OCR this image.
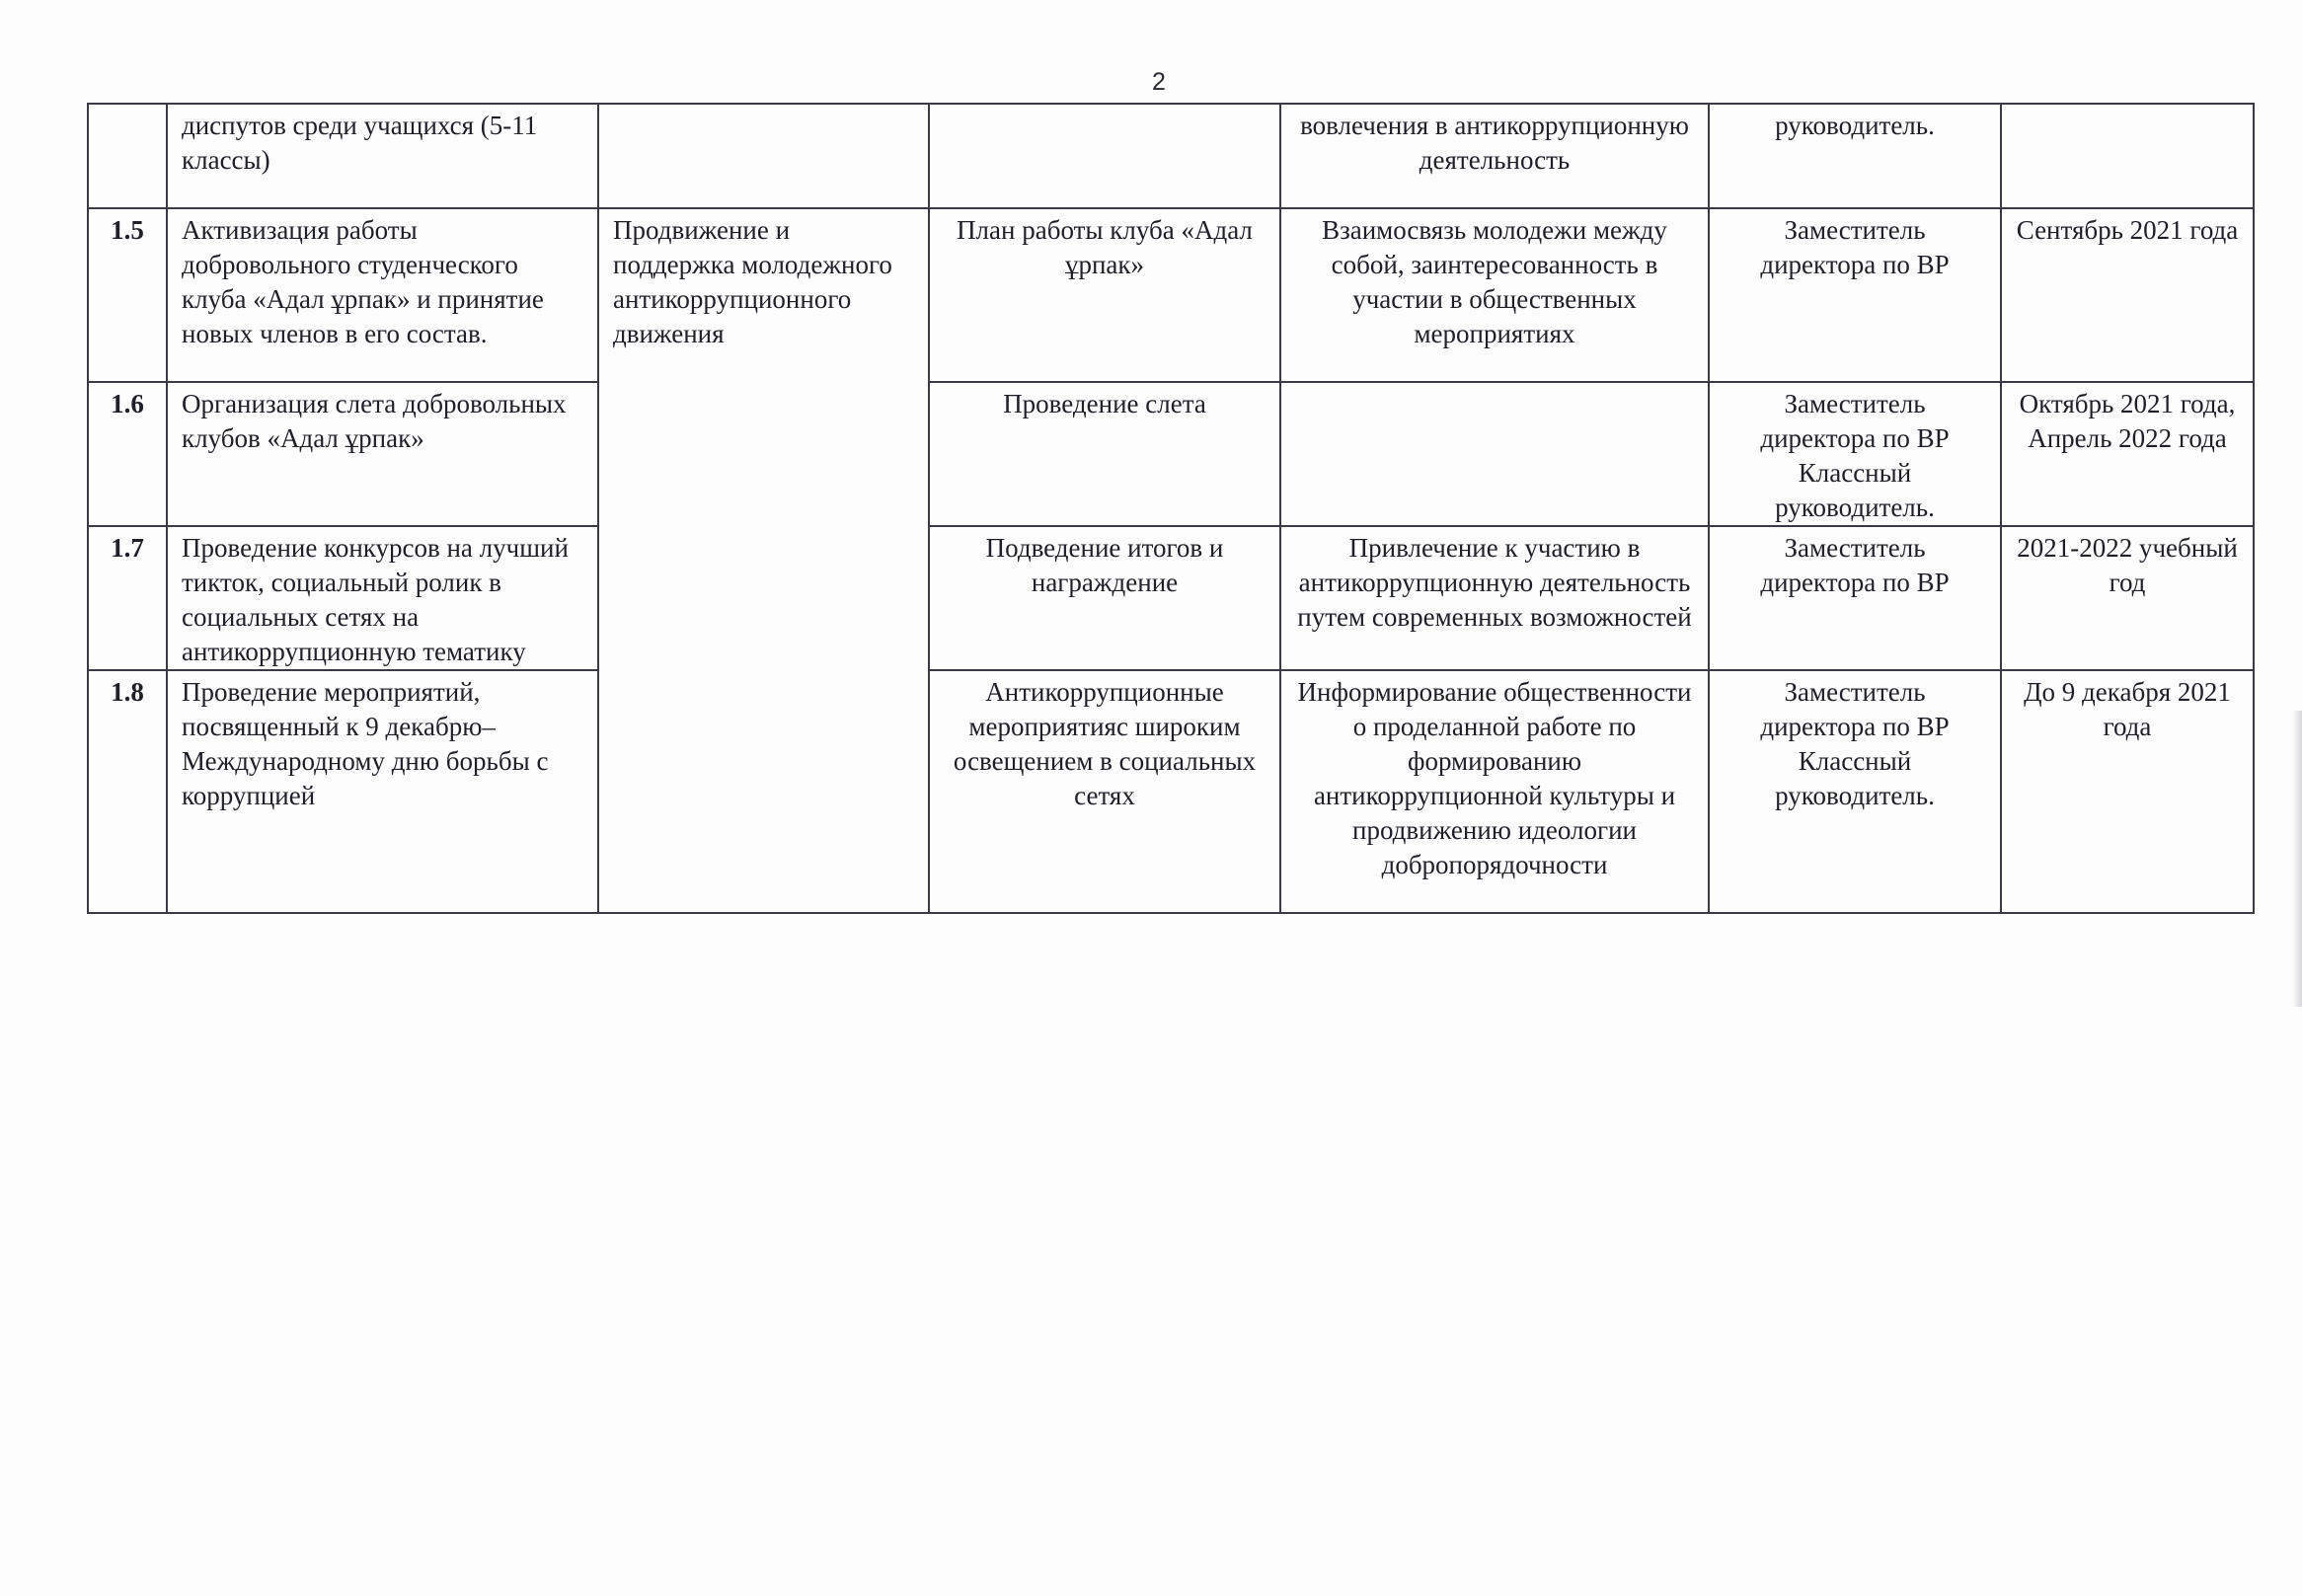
2

	диспутов среди учащихся (5-11 классы)			вовлечения в антикоррупционную деятельность	руководитель.	
1.5	Активизация работы добровольного студенческого клуба «Адал ұрпак» и принятие новых членов в его состав.	Продвижение и поддержка молодежного антикоррупционного движения	План работы клуба «Адал ұрпак»	Взаимосвязь молодежи между собой, заинтересованность в участии в общественных мероприятиях	Заместитель директора по ВР	Сентябрь 2021 года
1.6	Организация слета добровольных клубов «Адал ұрпак»		Проведение слета		Заместитель директора по ВР Классный руководитель.	Октябрь 2021 года, Апрель 2022 года
1.7	Проведение конкурсов на лучший тикток, социальный ролик в социальных сетях на антикоррупционную тематику		Подведение итогов и награждение	Привлечение к участию в антикоррупционную деятельность путем современных возможностей	Заместитель директора по ВР	2021-2022 учебный год
1.8	Проведение мероприятий, посвященный к 9 декабрю– Международному дню борьбы с коррупцией		Антикоррупционные мероприятияс широким освещением в социальных сетях	Информирование общественности о проделанной работе по формированию антикоррупционной культуры и продвижению идеологии добропорядочности	Заместитель директора по ВР Классный руководитель.	До 9 декабря 2021 года
